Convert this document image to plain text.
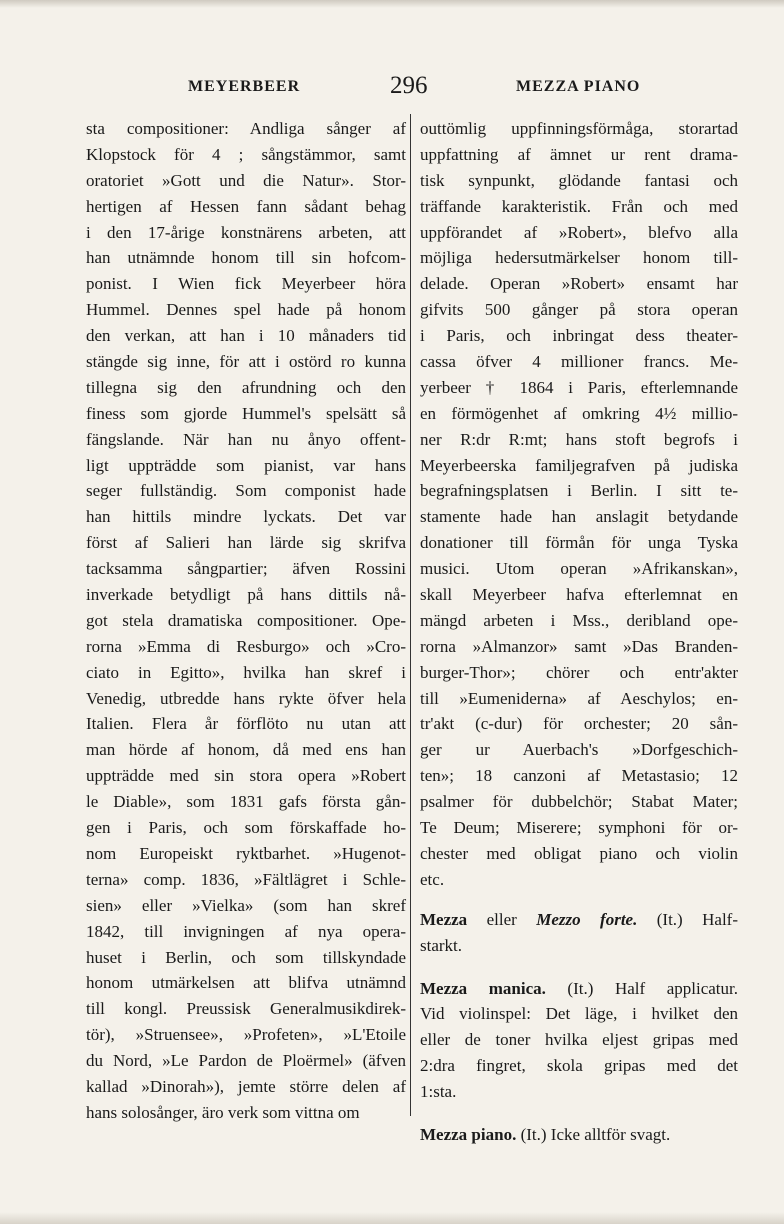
MEYERBEER	296	MEZZA PIANO
sta compositioner: Andliga sånger af
Klopstock för 4 ; sångstämmor, samt
oratoriet »Gott und die Natur». Stor-
hertigen af Hessen fann sådant behag
i den 17-årige konstnärens arbeten, att
han utnämnde honom till sin hofcom-
ponist. I Wien fick Meyerbeer höra
Hummel. Dennes spel hade på honom
den verkan, att han i 10 månaders tid
stängde sig inne, för att i ostörd ro kunna
tillegna sig den afrundning och den
finess som gjorde Hummel's spelsätt så
fängslande. När han nu ånyo offent-
ligt uppträdde som pianist, var hans
seger fullständig. Som componist hade
han hittils mindre lyckats. Det var
först af Salieri han lärde sig skrifva
tacksamma sångpartier; äfven Rossini
inverkade betydligt på hans dittils nå-
got stela dramatiska compositioner. Ope-
rorna »Emma di Resburgo» och »Cro-
ciato in Egitto», hvilka han skref i
Venedig, utbredde hans rykte öfver hela
Italien. Flera år förflöto nu utan att
man hörde af honom, då med ens han
uppträdde med sin stora opera »Robert
le Diable», som 1831 gafs första gån-
gen i Paris, och som förskaffade ho-
nom Europeiskt ryktbarhet. »Hugenot-
terna» comp. 1836, »Fältlägret i Schle-
sien» eller »Vielka» (som han skref
1842, till invigningen af nya opera-
huset i Berlin, och som tillskyndade
honom utmärkelsen att blifva utnämnd
till kongl. Preussisk Generalmusikdirek-
tör), »Struensee», »Profeten», »L'Etoile
du Nord, »Le Pardon de Ploërmel» (äfven
kallad »Dinorah»), jemte större delen af
hans solosånger, äro verk som vittna om
outtömlig uppfinningsförmåga, storartad
uppfattning af ämnet ur rent drama-
tisk synpunkt, glödande fantasi och
träffande karakteristik. Från och med
uppförandet af »Robert», blefvo alla
möjliga hedersutmärkelser honom till-
delade. Operan »Robert» ensamt har
gifvits 500 gånger på stora operan
i Paris, och inbringat dess theater-
cassa öfver 4 millioner francs. Me-
yerbeer † 1864 i Paris, efterlemnande
en förmögenhet af omkring 4½ millio-
ner R:dr R:mt; hans stoft begrofs i
Meyerbeerska familjegrafven på judiska
begrafningsplatsen i Berlin. I sitt te-
stamente hade han anslagit betydande
donationer till förmån för unga Tyska
musici. Utom operan »Afrikanskan»,
skall Meyerbeer hafva efterlemnat en
mängd arbeten i Mss., deribland ope-
rorna »Almanzor» samt »Das Branden-
burger-Thor»; chörer och entr'akter
till »Eumeniderna» af Aeschylos; en-
tr'akt (c-dur) för orchester; 20 sån-
ger ur Auerbach's »Dorfgeschich-
ten»; 18 canzoni af Metastasio; 12
psalmer för dubbelchör; Stabat Mater;
Te Deum; Miserere; symphoni för or-
chester med obligat piano och violin
etc.
Mezza eller Mezzo forte. (It.) Half-
starkt.
Mezza manica. (It.) Half applicatur.
Vid violinspel: Det läge, i hvilket den
eller de toner hvilka eljest gripas med
2:dra fingret, skola gripas med det
1:sta.
Mezza piano. (It.) Icke alltför svagt.
